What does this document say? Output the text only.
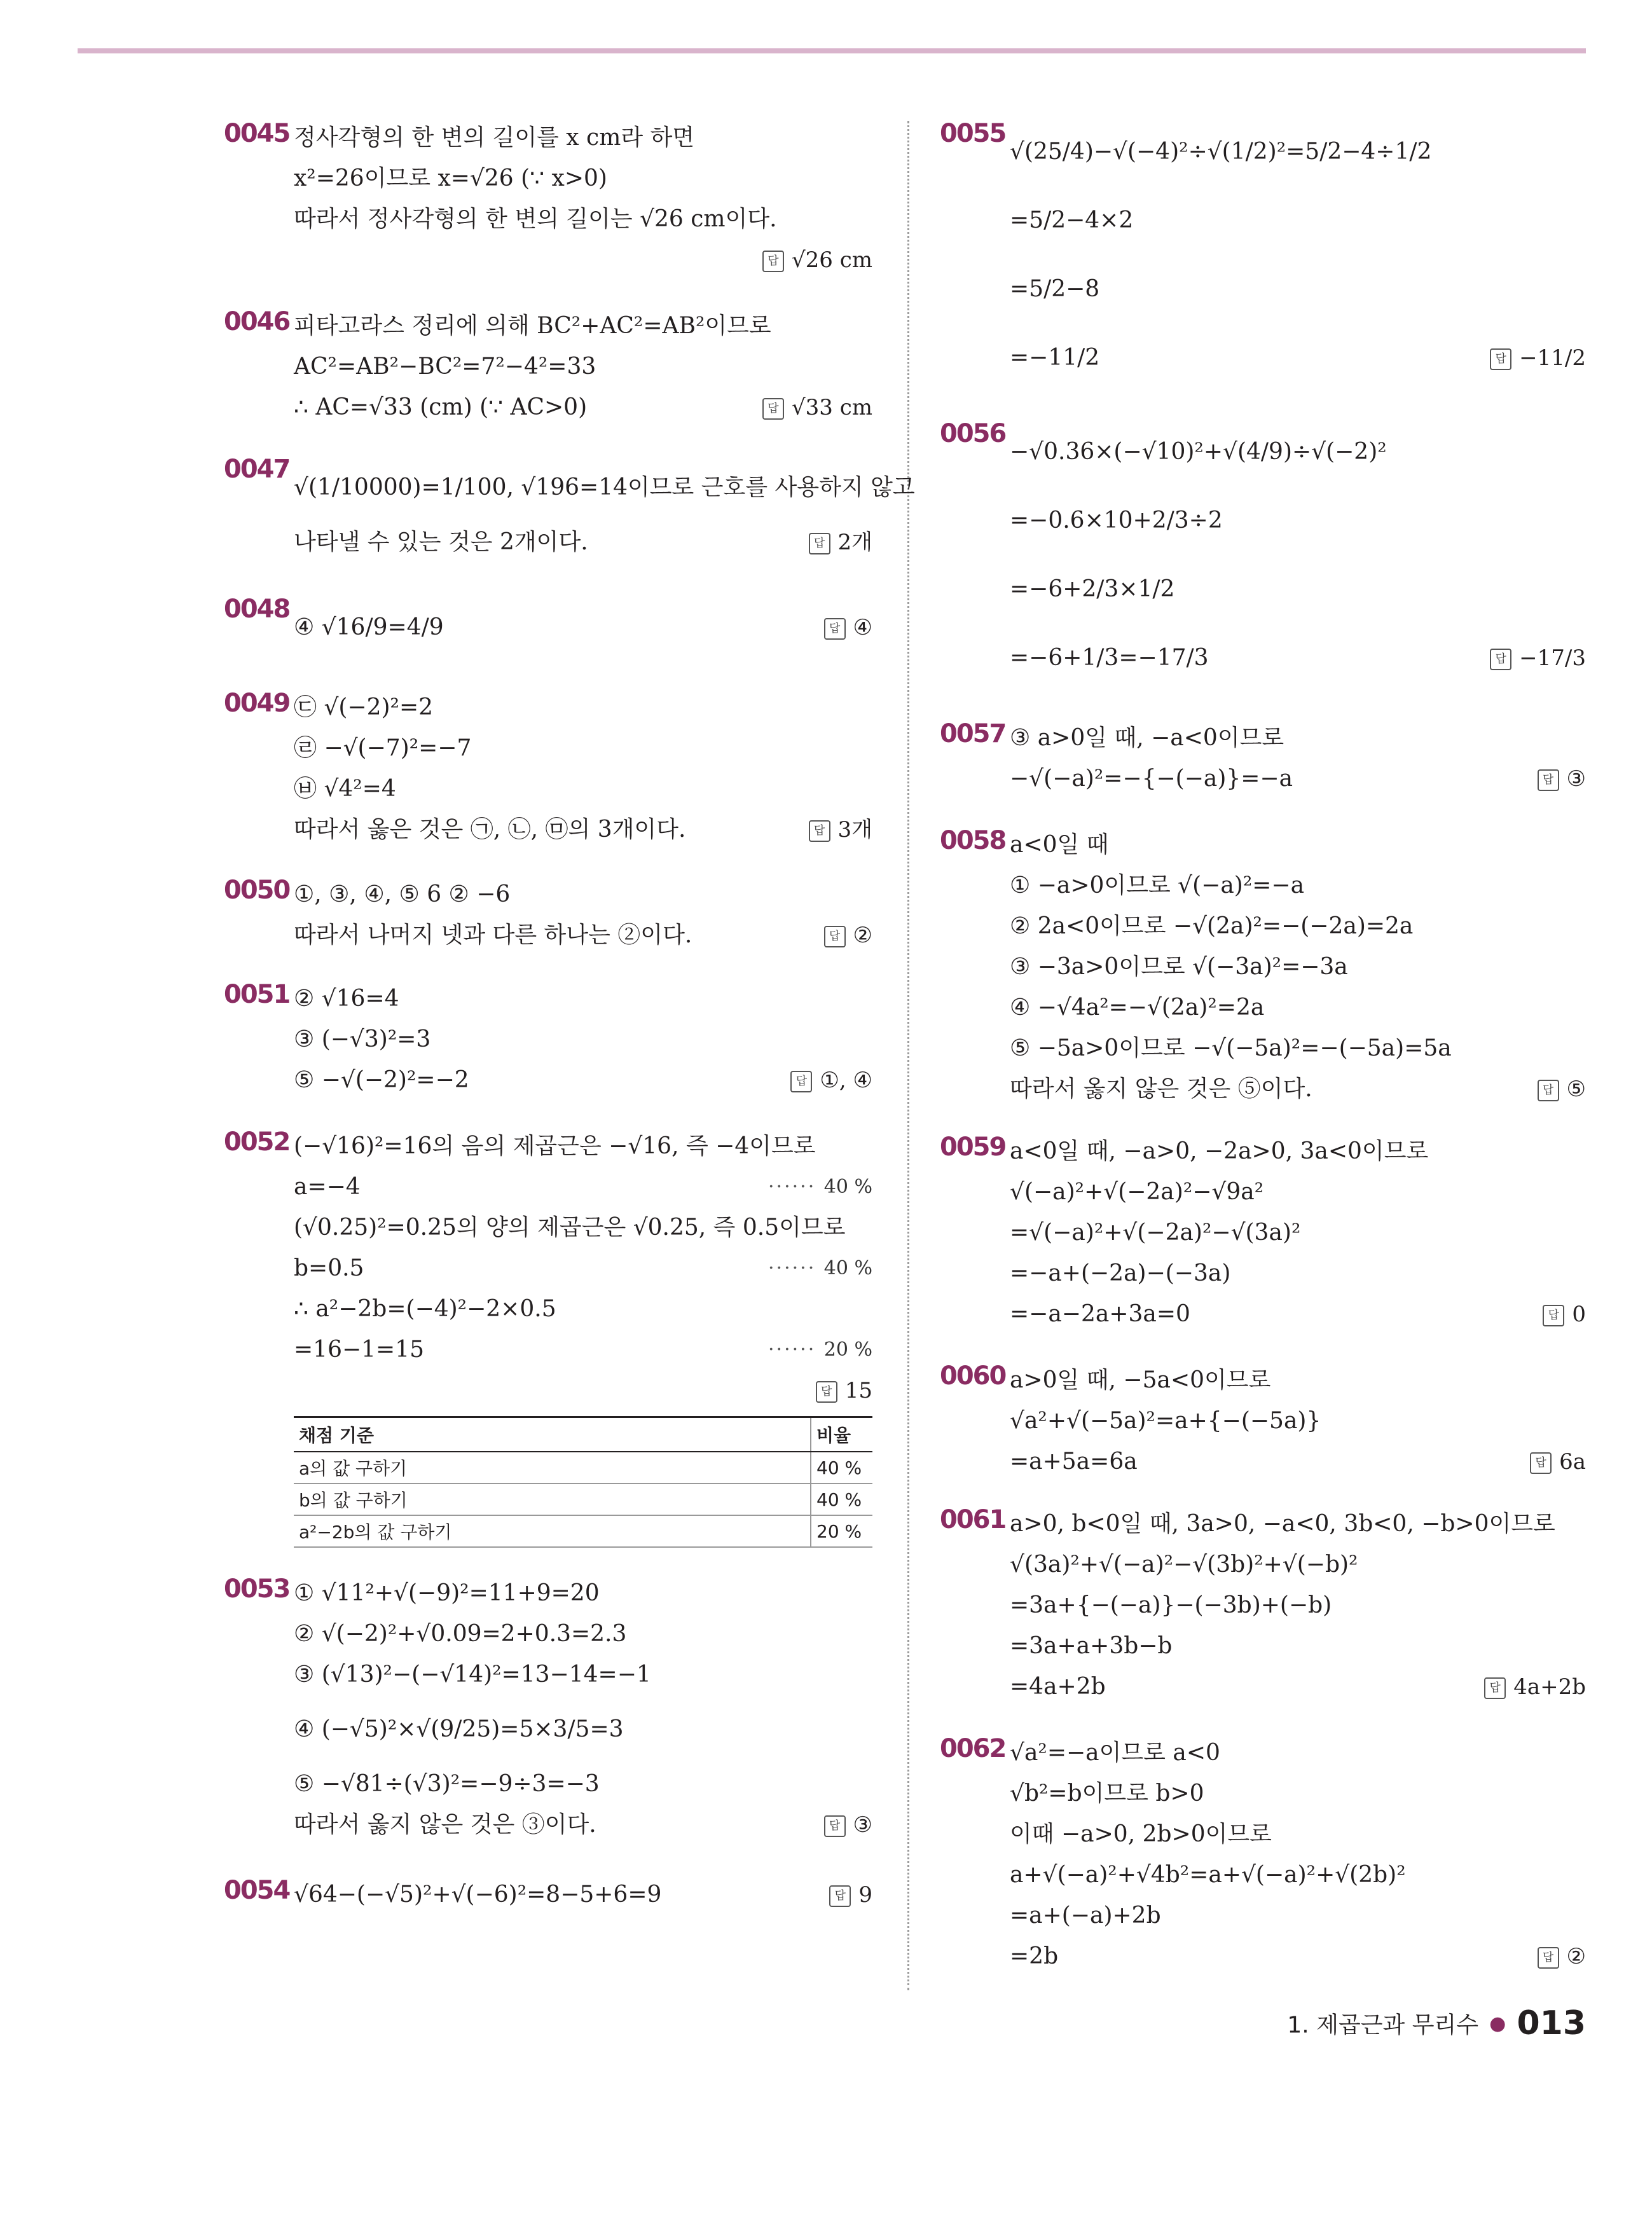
0045 정사각형의 한 변의 길이를 x cm라 하면
x²=26이므로 x=√26 (∵ x>0)
따라서 정사각형의 한 변의 길이는 √26 cm이다.
답 √26 cm
0046 피타고라스 정리에 의해 BC²+AC²=AB²이므로
AC²=AB²−BC²=7²−4²=33
∴ AC=√33 (cm) (∵ AC>0)	답 √33 cm
0047
√(1/10000)=1/100, √196=14이므로 근호를 사용하지 않고
나타낼 수 있는 것은 2개이다.	답 2개
0048
④ √16/9=4/9	답 ④
0049 ㉢ √(−2)²=2
㉣ −√(−7)²=−7
㉥ √4²=4
따라서 옳은 것은 ㉠, ㉡, ㉤의 3개이다.	답 3개
0050 ①, ③, ④, ⑤ 6 ② −6
따라서 나머지 넷과 다른 하나는 ②이다.	답 ②
0051 ② √16=4
③ (−√3)²=3
⑤ −√(−2)²=−2	답 ①, ④
0052 (−√16)²=16의 음의 제곱근은 −√16, 즉 −4이므로
a=−4	······ 40 %
(√0.25)²=0.25의 양의 제곱근은 √0.25, 즉 0.5이므로
b=0.5	······ 40 %
∴ a²−2b=(−4)²−2×0.5
=16−1=15	······ 20 %
답 15
채점 기준	비율
a의 값 구하기	40 %
b의 값 구하기	40 %
a²−2b의 값 구하기	20 %
0053 ① √11²+√(−9)²=11+9=20
② √(−2)²+√0.09=2+0.3=2.3
③ (√13)²−(−√14)²=13−14=−1
④ (−√5)²×√(9/25)=5×3/5=3
⑤ −√81÷(√3)²=−9÷3=−3
따라서 옳지 않은 것은 ③이다.	답 ③
0054 √64−(−√5)²+√(−6)²=8−5+6=9	답 9
0055
√(25/4)−√(−4)²÷√(1/2)²=5/2−4÷1/2
=5/2−4×2
=5/2−8
=−11/2	답 −11/2
0056
−√0.36×(−√10)²+√(4/9)÷√(−2)²
=−0.6×10+2/3÷2
=−6+2/3×1/2
=−6+1/3=−17/3	답 −17/3
0057 ③ a>0일 때, −a<0이므로
−√(−a)²=−{−(−a)}=−a	답 ③
0058 a<0일 때
① −a>0이므로 √(−a)²=−a
② 2a<0이므로 −√(2a)²=−(−2a)=2a
③ −3a>0이므로 √(−3a)²=−3a
④ −√4a²=−√(2a)²=2a
⑤ −5a>0이므로 −√(−5a)²=−(−5a)=5a
따라서 옳지 않은 것은 ⑤이다.	답 ⑤
0059 a<0일 때, −a>0, −2a>0, 3a<0이므로
√(−a)²+√(−2a)²−√9a²
=√(−a)²+√(−2a)²−√(3a)²
=−a+(−2a)−(−3a)
=−a−2a+3a=0	답 0
0060 a>0일 때, −5a<0이므로
√a²+√(−5a)²=a+{−(−5a)}
=a+5a=6a	답 6a
0061 a>0, b<0일 때, 3a>0, −a<0, 3b<0, −b>0이므로
√(3a)²+√(−a)²−√(3b)²+√(−b)²
=3a+{−(−a)}−(−3b)+(−b)
=3a+a+3b−b
=4a+2b	답 4a+2b
0062 √a²=−a이므로 a<0
√b²=b이므로 b>0
이때 −a>0, 2b>0이므로
a+√(−a)²+√4b²=a+√(−a)²+√(2b)²
=a+(−a)+2b
=2b	답 ②
1. 제곱근과 무리수 ● 013
